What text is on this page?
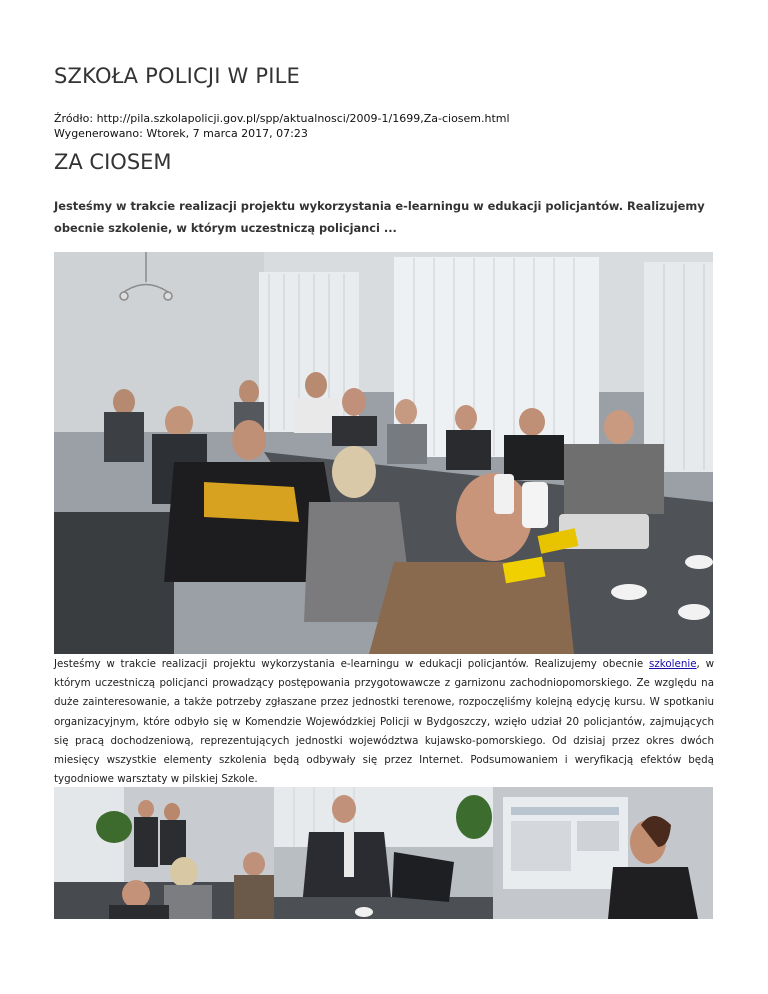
SZKOŁA POLICJI W PILE
Źródło: http://pila.szkolapolicji.gov.pl/spp/aktualnosci/2009-1/1699,Za-ciosem.html
Wygenerowano: Wtorek, 7 marca 2017, 07:23
ZA CIOSEM

Jesteśmy w trakcie realizacji projektu wykorzystania e-learningu w edukacji policjantów. Realizujemy obecnie szkolenie, w którym uczestniczą policjanci ...

Jesteśmy w trakcie realizacji projektu wykorzystania e-learningu w edukacji policjantów. Realizujemy obecnie szkolenie, w którym uczestniczą policjanci prowadzący postępowania przygotowawcze z garnizonu zachodniopomorskiego. Ze względu na duże zainteresowanie, a także potrzeby zgłaszane przez jednostki terenowe, rozpoczęliśmy kolejną edycję kursu. W spotkaniu organizacyjnym, które odbyło się w Komendzie Wojewódzkiej Policji w Bydgoszczy, wzięło udział 20 policjantów, zajmujących się pracą dochodzeniową, reprezentujących jednostki województwa kujawsko-pomorskiego. Od dzisiaj przez okres dwóch miesięcy wszystkie elementy szkolenia będą odbywały się przez Internet. Podsumowaniem i weryfikacją efektów będą tygodniowe warsztaty w pilskiej Szkole.
